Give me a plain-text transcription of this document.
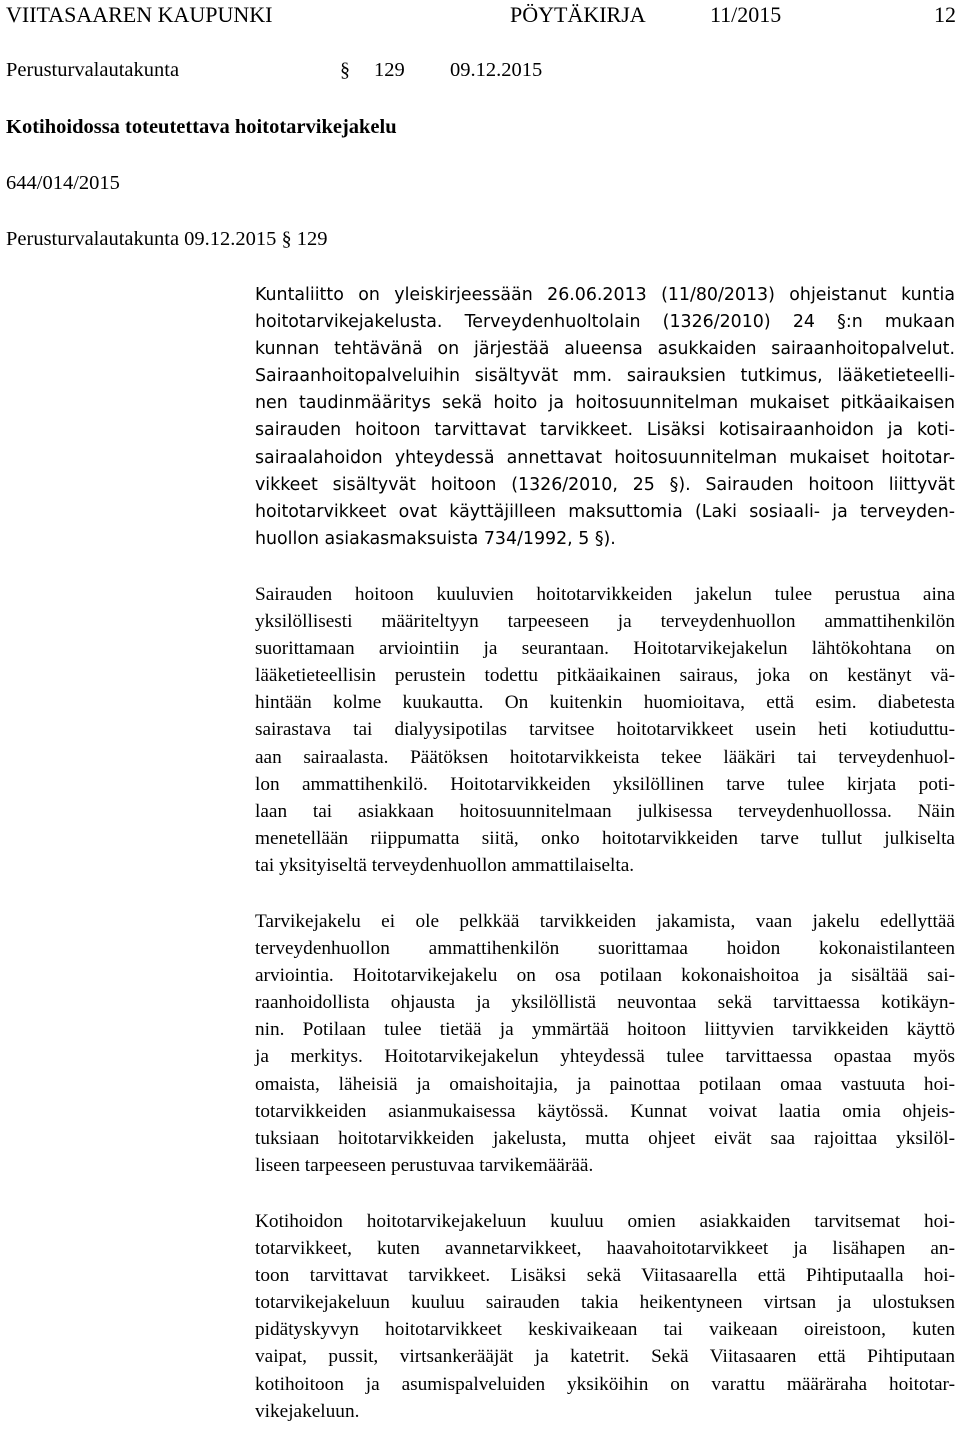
VIITASAAREN KAUPUNKI	PÖYTÄKIRJA	11/2015	12
Perusturvalautakunta	§ 129 09.12.2015
Kotihoidossa toteutettava hoitotarvikejakelu
644/014/2015
Perusturvalautakunta 09.12.2015 § 129
Kuntaliitto on yleiskirjeessään 26.06.2013 (11/80/2013) ohjeistanut kuntia
hoitotarvikejakelusta. Terveydenhuoltolain (1326/2010) 24 §:n mukaan
kunnan tehtävänä on järjestää alueensa asukkaiden sairaanhoitopalvelut.
Sairaanhoitopalveluihin sisältyvät mm. sairauksien tutkimus, lääketieteelli-
nen taudinmääritys sekä hoito ja hoitosuunnitelman mukaiset pitkäaikaisen
sairauden hoitoon tarvittavat tarvikkeet. Lisäksi kotisairaanhoidon ja koti-
sairaalahoidon yhteydessä annettavat hoitosuunnitelman mukaiset hoitotar-
vikkeet sisältyvät hoitoon (1326/2010, 25 §). Sairauden hoitoon liittyvät
hoitotarvikkeet ovat käyttäjilleen maksuttomia (Laki sosiaali- ja terveyden-
huollon asiakasmaksuista 734/1992, 5 §).
Sairauden hoitoon kuuluvien hoitotarvikkeiden jakelun tulee perustua aina
yksilöllisesti määriteltyyn tarpeeseen ja terveydenhuollon ammattihenkilön
suorittamaan arviointiin ja seurantaan. Hoitotarvikejakelun lähtökohtana on
lääketieteellisin perustein todettu pitkäaikainen sairaus, joka on kestänyt vä-
hintään kolme kuukautta. On kuitenkin huomioitava, että esim. diabetesta
sairastava tai dialyysipotilas tarvitsee hoitotarvikkeet usein heti kotiuduttu-
aan sairaalasta. Päätöksen hoitotarvikkeista tekee lääkäri tai terveydenhuol-
lon ammattihenkilö. Hoitotarvikkeiden yksilöllinen tarve tulee kirjata poti-
laan tai asiakkaan hoitosuunnitelmaan julkisessa terveydenhuollossa. Näin
menetellään riippumatta siitä, onko hoitotarvikkeiden tarve tullut julkiselta
tai yksityiseltä terveydenhuollon ammattilaiselta.
Tarvikejakelu ei ole pelkkää tarvikkeiden jakamista, vaan jakelu edellyttää
terveydenhuollon ammattihenkilön suorittamaa hoidon kokonaistilanteen
arviointia. Hoitotarvikejakelu on osa potilaan kokonaishoitoa ja sisältää sai-
raanhoidollista ohjausta ja yksilöllistä neuvontaa sekä tarvittaessa kotikäyn-
nin. Potilaan tulee tietää ja ymmärtää hoitoon liittyvien tarvikkeiden käyttö
ja merkitys. Hoitotarvikejakelun yhteydessä tulee tarvittaessa opastaa myös
omaista, läheisiä ja omaishoitajia, ja painottaa potilaan omaa vastuuta hoi-
totarvikkeiden asianmukaisessa käytössä. Kunnat voivat laatia omia ohjeis-
tuksiaan hoitotarvikkeiden jakelusta, mutta ohjeet eivät saa rajoittaa yksilöl-
liseen tarpeeseen perustuvaa tarvikemäärää.
Kotihoidon hoitotarvikejakeluun kuuluu omien asiakkaiden tarvitsemat hoi-
totarvikkeet, kuten avannetarvikkeet, haavahoitotarvikkeet ja lisähapen an-
toon tarvittavat tarvikkeet. Lisäksi sekä Viitasaarella että Pihtiputaalla hoi-
totarvikejakeluun kuuluu sairauden takia heikentyneen virtsan ja ulostuksen
pidätyskyvyn hoitotarvikkeet keskivaikeaan tai vaikeaan oireistoon, kuten
vaipat, pussit, virtsankerääjät ja katetrit. Sekä Viitasaaren että Pihtiputaan
kotihoitoon ja asumispalveluiden yksiköihin on varattu määräraha hoitotar-
vikejakeluun.
